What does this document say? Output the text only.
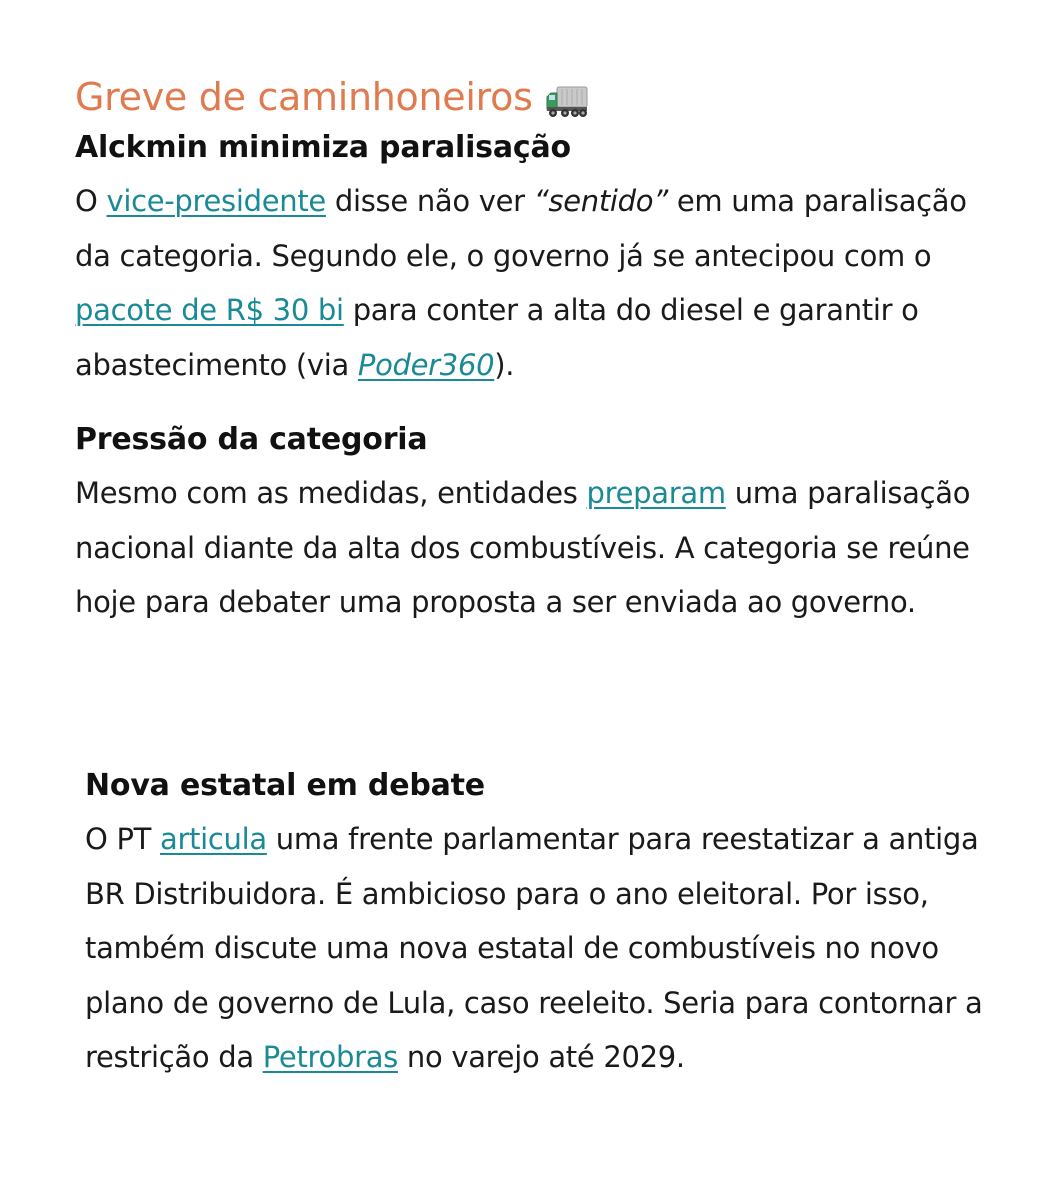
Greve de caminhoneiros
Alckmin minimiza paralisação

O vice-presidente disse não ver “sentido” em uma paralisação da categoria. Segundo ele, o governo já se antecipou com o pacote de R$ 30 bi para conter a alta do diesel e garantir o abastecimento (via Poder360).

Pressão da categoria

Mesmo com as medidas, entidades preparam uma paralisação nacional diante da alta dos combustíveis. A categoria se reúne hoje para debater uma proposta a ser enviada ao governo.

Nova estatal em debate

O PT articula uma frente parlamentar para reestatizar a antiga BR Distribuidora. É ambicioso para o ano eleitoral. Por isso, também discute uma nova estatal de combustíveis no novo plano de governo de Lula, caso reeleito. Seria para contornar a restrição da Petrobras no varejo até 2029.
